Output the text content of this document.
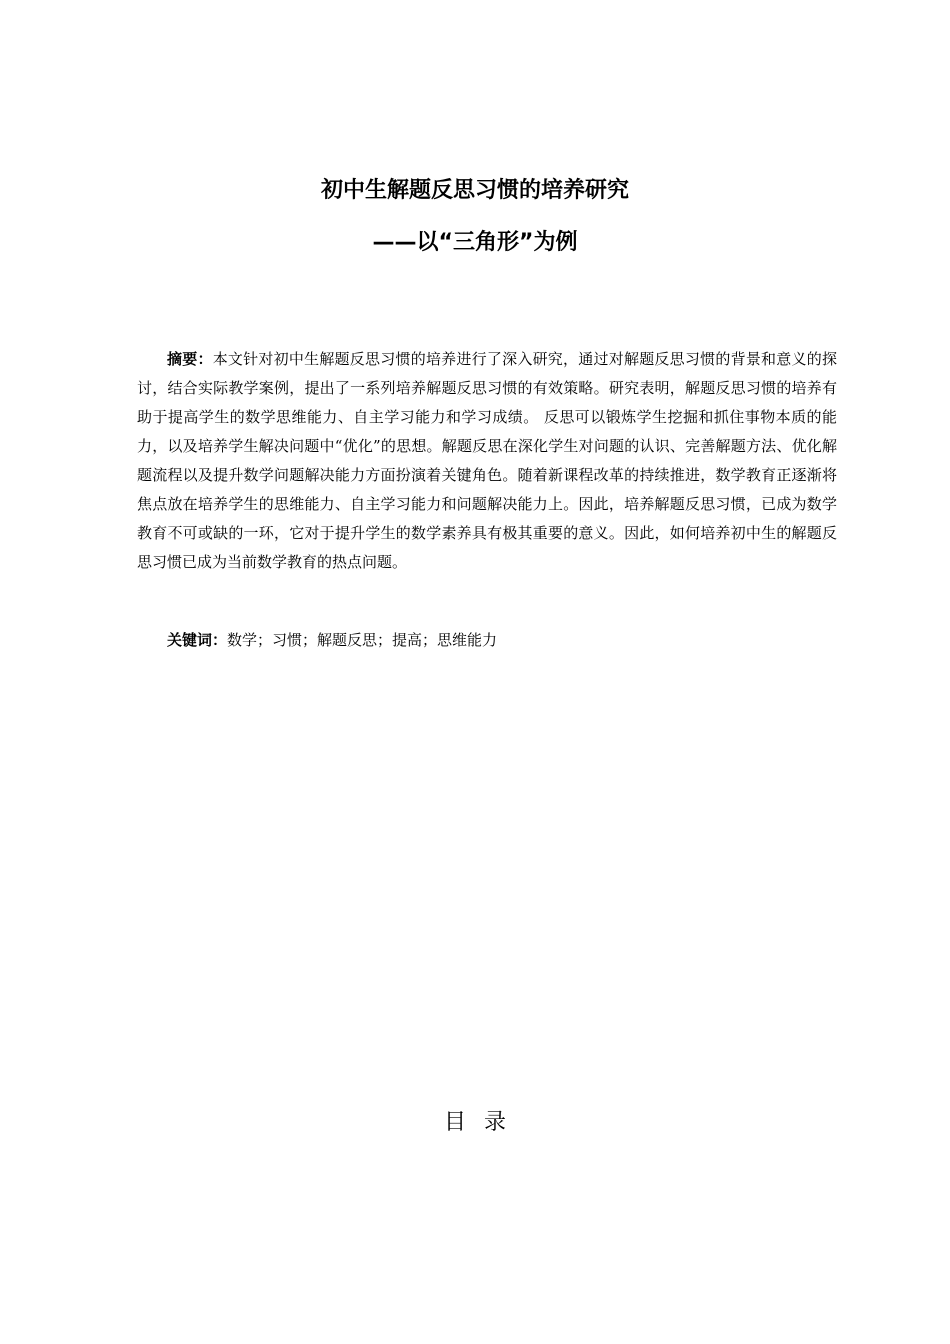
初中生解题反思习惯的培养研究
——以“三角形”为例

摘要：本文针对初中生解题反思习惯的培养进行了深入研究，通过对解题反思习惯的背景和意义的探讨，结合实际教学案例，提出了一系列培养解题反思习惯的有效策略。研究表明，解题反思习惯的培养有助于提高学生的数学思维能力、自主学习能力和学习成绩。 反思可以锻炼学生挖掘和抓住事物本质的能力，以及培养学生解决问题中“优化”的思想。解题反思在深化学生对问题的认识、完善解题方法、优化解题流程以及提升数学问题解决能力方面扮演着关键角色。随着新课程改革的持续推进，数学教育正逐渐将焦点放在培养学生的思维能力、自主学习能力和问题解决能力上。因此，培养解题反思习惯，已成为数学教育不可或缺的一环，它对于提升学生的数学素养具有极其重要的意义。因此，如何培养初中生的解题反思习惯已成为当前数学教育的热点问题。

关键词：数学；习惯；解题反思；提高；思维能力

目录
